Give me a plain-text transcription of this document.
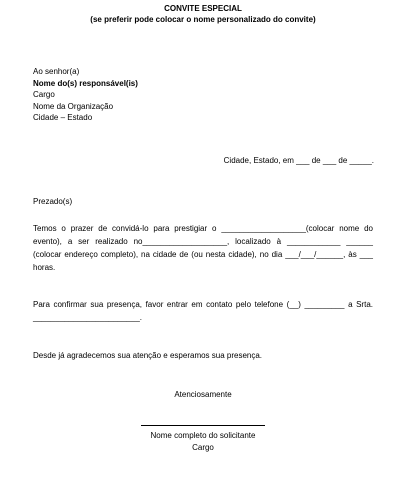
CONVITE ESPECIAL
(se preferir pode colocar o nome personalizado do convite)
Ao senhor(a)
Nome do(s) responsável(is)
Cargo
Nome da Organização
Cidade – Estado
Cidade, Estado, em ___ de ___ de _____.
Prezado(s)
Temos o prazer de convidá-lo para prestigiar o ___________________(colocar nome do evento), a ser realizado no___________________, localizado à ____________ ______ (colocar endereço completo), na cidade de (ou nesta cidade), no dia ___/___/______, às ___ horas.
Para confirmar sua presença, favor entrar em contato pelo telefone (__) _________ a Srta. ________________________.
Desde já agradecemos sua atenção e esperamos sua presença.
Atenciosamente
Nome completo do solicitante
Cargo
